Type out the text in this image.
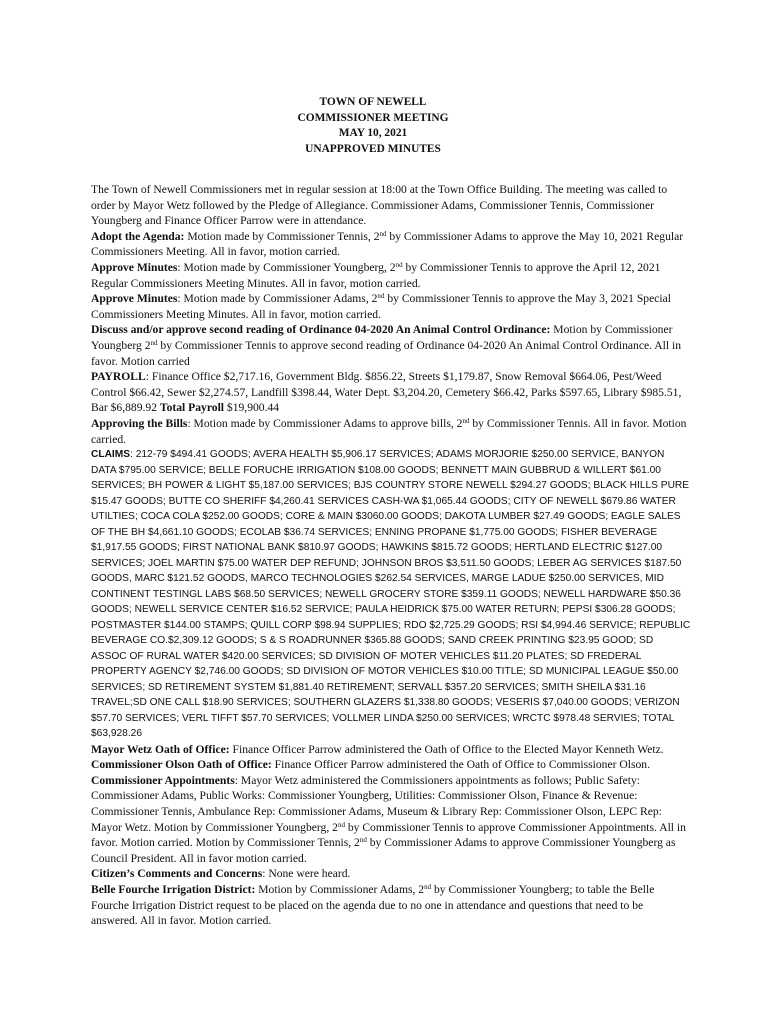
TOWN OF NEWELL
COMMISSIONER MEETING
MAY 10, 2021
UNAPPROVED MINUTES

The Town of Newell Commissioners met in regular session at 18:00 at the Town Office Building. The meeting was called to order by Mayor Wetz followed by the Pledge of Allegiance. Commissioner Adams, Commissioner Tennis, Commissioner Youngberg and Finance Officer Parrow were in attendance.

Adopt the Agenda: Motion made by Commissioner Tennis, 2nd by Commissioner Adams to approve the May 10, 2021 Regular Commissioners Meeting. All in favor, motion carried.

Approve Minutes: Motion made by Commissioner Youngberg, 2nd by Commissioner Tennis to approve the April 12, 2021 Regular Commissioners Meeting Minutes. All in favor, motion carried.

Approve Minutes: Motion made by Commissioner Adams, 2nd by Commissioner Tennis to approve the May 3, 2021 Special Commissioners Meeting Minutes. All in favor, motion carried.

Discuss and/or approve second reading of Ordinance 04-2020 An Animal Control Ordinance: Motion by Commissioner Youngberg 2nd by Commissioner Tennis to approve second reading of Ordinance 04-2020 An Animal Control Ordinance. All in favor. Motion carried

PAYROLL: Finance Office $2,717.16, Government Bldg. $856.22, Streets $1,179.87, Snow Removal $664.06, Pest/Weed Control $66.42, Sewer $2,274.57, Landfill $398.44, Water Dept. $3,204.20, Cemetery $66.42, Parks $597.65, Library $985.51, Bar $6,889.92 Total Payroll $19,900.44

Approving the Bills: Motion made by Commissioner Adams to approve bills, 2nd by Commissioner Tennis. All in favor. Motion carried.

CLAIMS: 212-79 $494.41 GOODS; AVERA HEALTH $5,906.17 SERVICES; ADAMS MORJORIE $250.00 SERVICE, BANYON DATA $795.00 SERVICE; BELLE FORUCHE IRRIGATION $108.00 GOODS; BENNETT MAIN GUBBRUD & WILLERT $61.00 SERVICES; BH POWER & LIGHT $5,187.00 SERVICES; BJS COUNTRY STORE NEWELL $294.27 GOODS; BLACK HILLS PURE $15.47 GOODS; BUTTE CO SHERIFF $4,260.41 SERVICES CASH-WA $1,065.44 GOODS; CITY OF NEWELL $679.86 WATER UTILTIES; COCA COLA $252.00 GOODS; CORE & MAIN $3060.00 GOODS; DAKOTA LUMBER $27.49 GOODS; EAGLE SALES OF THE BH $4,661.10 GOODS; ECOLAB $36.74 SERVICES; ENNING PROPANE $1,775.00 GOODS; FISHER BEVERAGE $1,917.55 GOODS; FIRST NATIONAL BANK $810.97 GOODS; HAWKINS $815.72 GOODS; HERTLAND ELECTRIC $127.00 SERVICES; JOEL MARTIN $75.00 WATER DEP REFUND; JOHNSON BROS $3,511.50 GOODS; LEBER AG SERVICES $187.50 GOODS, MARC $121.52 GOODS, MARCO TECHNOLOGIES $262.54 SERVICES, MARGE LADUE $250.00 SERVICES, MID CONTINENT TESTINGL LABS $68.50 SERVICES; NEWELL GROCERY STORE $359.11 GOODS; NEWELL HARDWARE $50.36 GOODS; NEWELL SERVICE CENTER $16.52 SERVICE; PAULA HEIDRICK $75.00 WATER RETURN; PEPSI $306.28 GOODS; POSTMASTER $144.00 STAMPS; QUILL CORP $98.94 SUPPLIES; RDO $2,725.29 GOODS; RSI $4,994.46 SERVICE; REPUBLIC BEVERAGE CO.$2,309.12 GOODS; S & S ROADRUNNER $365.88 GOODS; SAND CREEK PRINTING $23.95 GOOD; SD ASSOC OF RURAL WATER $420.00 SERVICES; SD DIVISION OF MOTER VEHICLES $11.20 PLATES; SD FREDERAL PROPERTY AGENCY $2,746.00 GOODS; SD DIVISION OF MOTOR VEHICLES $10.00 TITLE; SD MUNICIPAL LEAGUE $50.00 SERVICES; SD RETIREMENT SYSTEM $1,881.40 RETIREMENT; SERVALL $357.20 SERVICES; SMITH SHEILA $31.16 TRAVEL;SD ONE CALL $18.90 SERVICES; SOUTHERN GLAZERS $1,338.80 GOODS; VESERIS $7,040.00 GOODS; VERIZON $57.70 SERVICES; VERL TIFFT $57.70 SERVICES; VOLLMER LINDA $250.00 SERVICES; WRCTC $978.48 SERVIES; TOTAL $63,928.26

Mayor Wetz Oath of Office: Finance Officer Parrow administered the Oath of Office to the Elected Mayor Kenneth Wetz.

Commissioner Olson Oath of Office: Finance Officer Parrow administered the Oath of Office to Commissioner Olson.

Commissioner Appointments: Mayor Wetz administered the Commissioners appointments as follows; Public Safety: Commissioner Adams, Public Works: Commissioner Youngberg, Utilities: Commissioner Olson, Finance & Revenue: Commissioner Tennis, Ambulance Rep: Commissioner Adams, Museum & Library Rep: Commissioner Olson, LEPC Rep: Mayor Wetz. Motion by Commissioner Youngberg, 2nd by Commissioner Tennis to approve Commissioner Appointments. All in favor. Motion carried. Motion by Commissioner Tennis, 2nd by Commissioner Adams to approve Commissioner Youngberg as Council President. All in favor motion carried.

Citizen’s Comments and Concerns: None were heard.

Belle Fourche Irrigation District: Motion by Commissioner Adams, 2nd by Commissioner Youngberg; to table the Belle Fourche Irrigation District request to be placed on the agenda due to no one in attendance and questions that need to be answered. All in favor. Motion carried.
